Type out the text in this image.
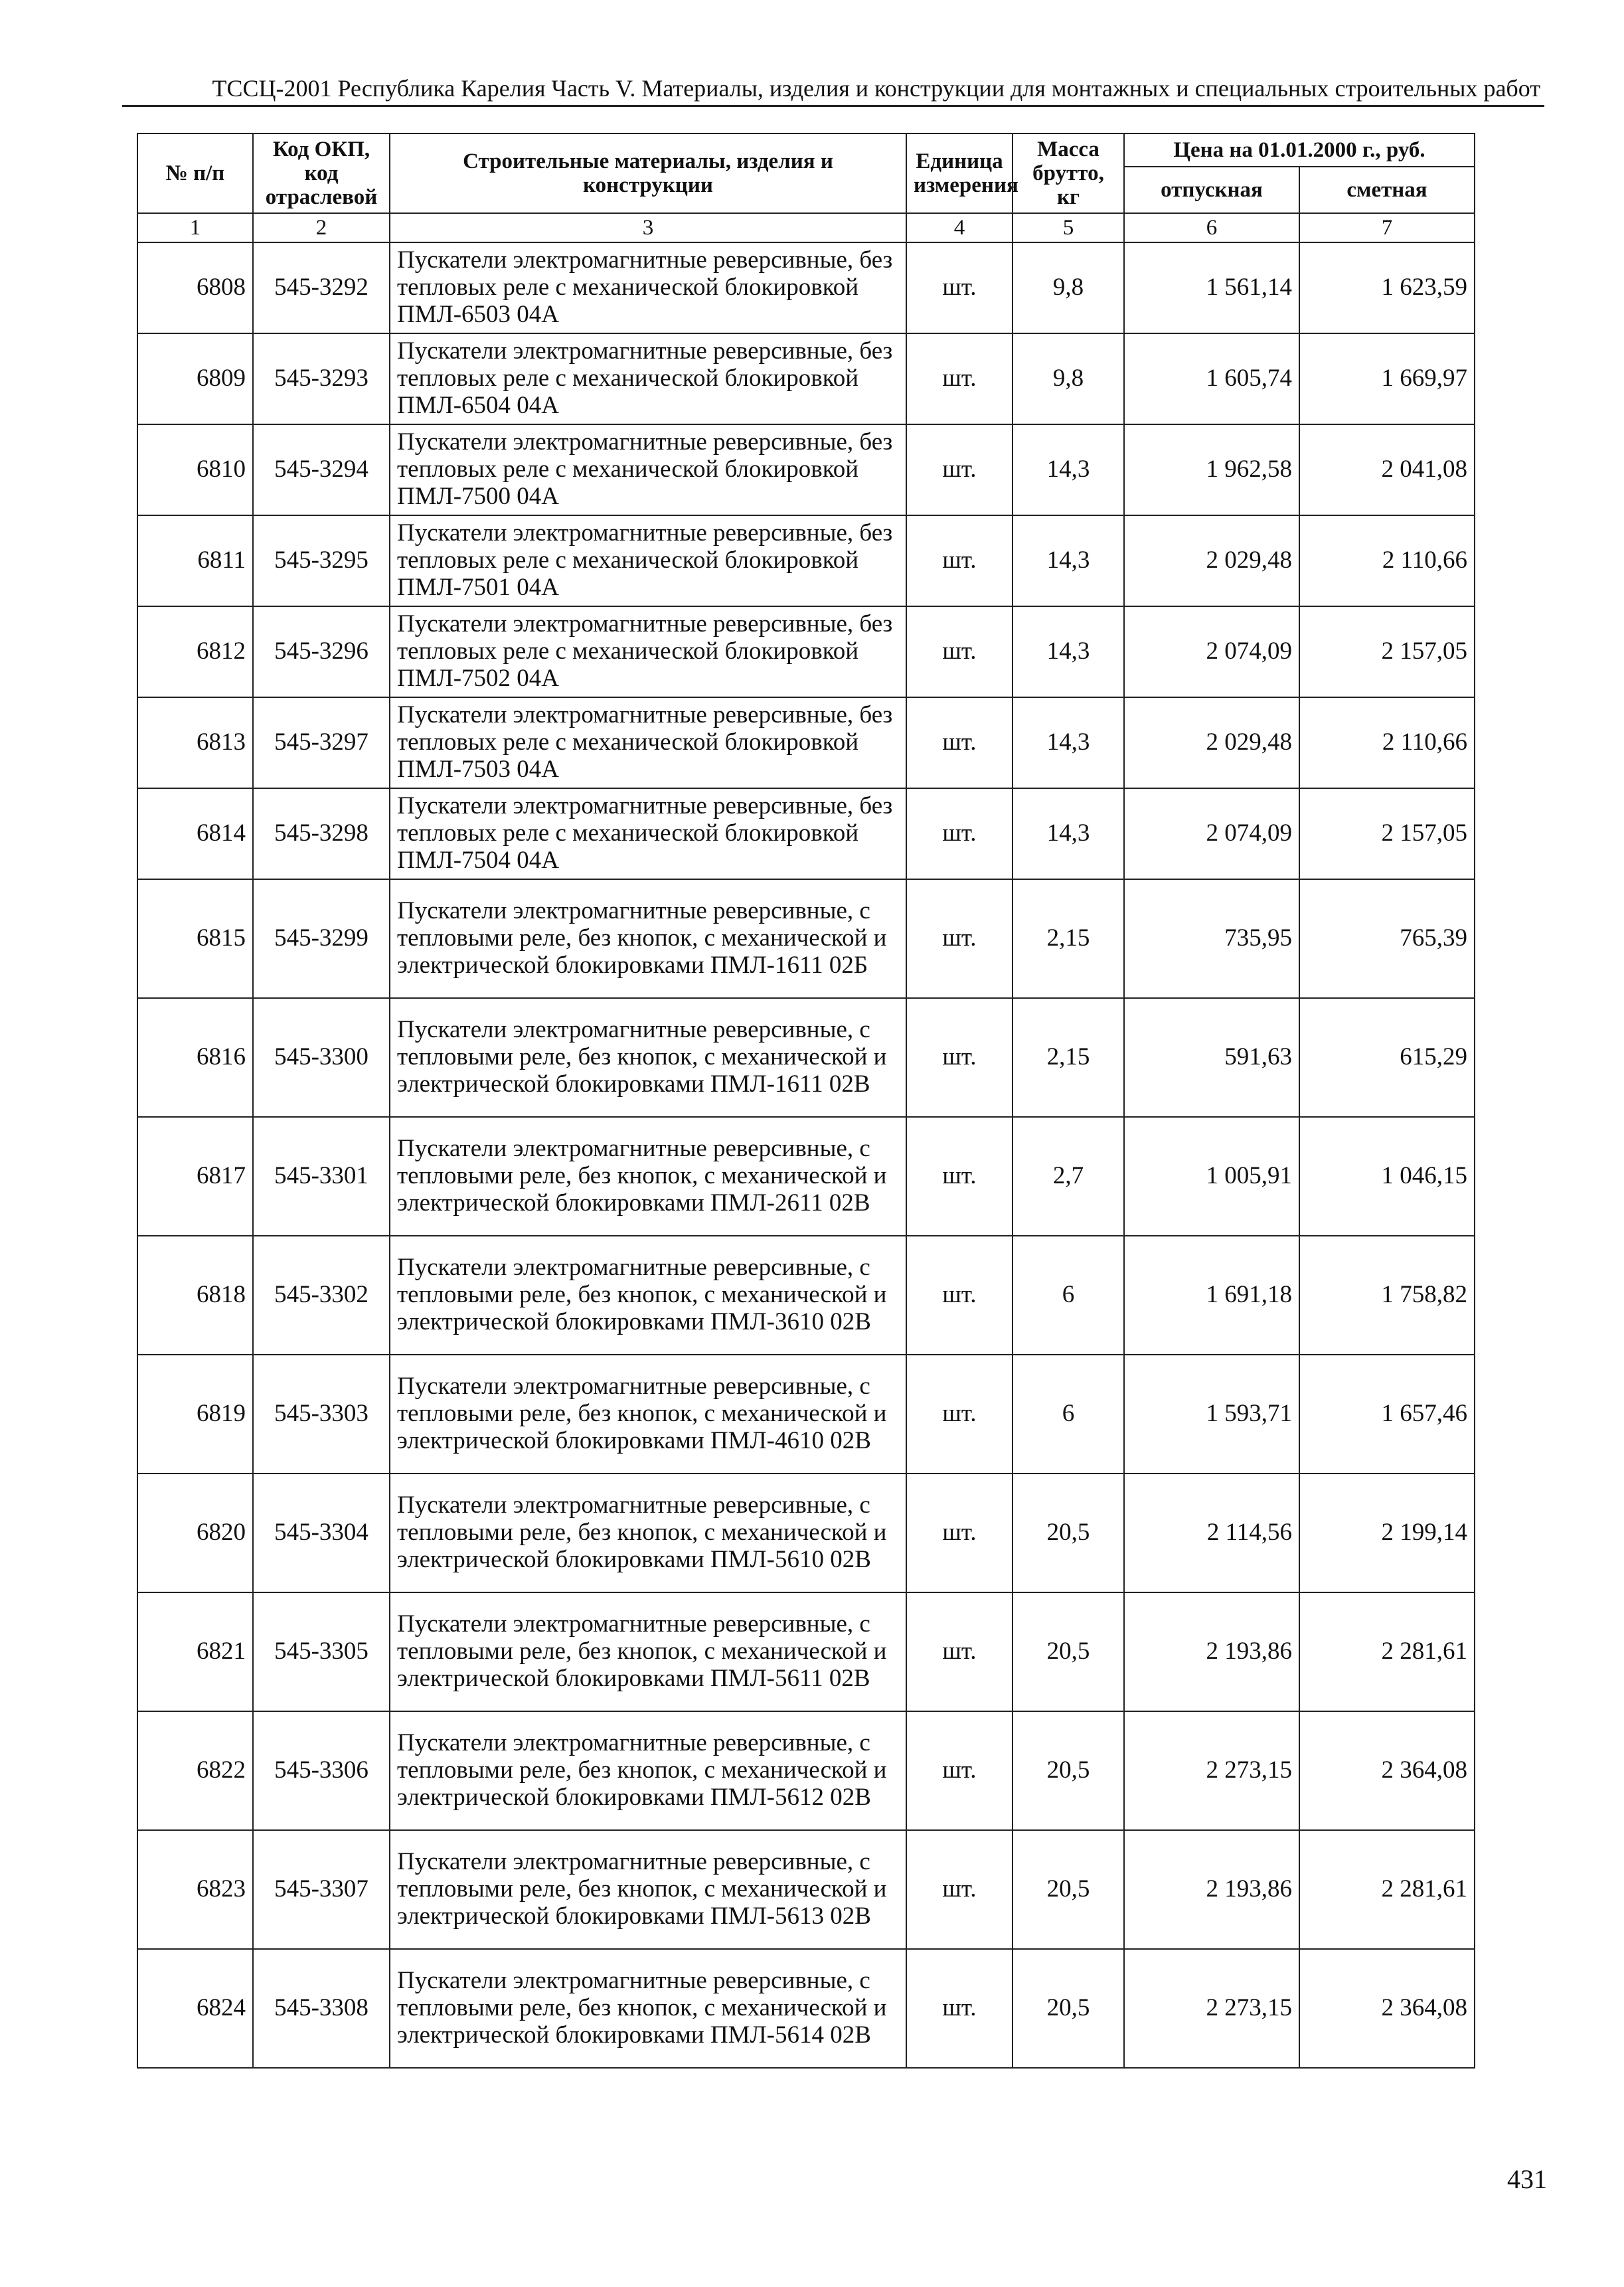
ТССЦ-2001 Республика Карелия Часть V. Материалы, изделия и конструкции для монтажных и специальных строительных работ
№ п/п	Код ОКП, код отраслевой	Строительные материалы, изделия и конструкции	Единица измерения	Масса брутто, кг	Цена на 01.01.2000 г., руб.	
					отпускная	сметная
1	2	3	4	5	6	7
6808	545-3292	Пускатели электромагнитные реверсивные, без тепловых реле с механической блокировкой ПМЛ-6503 04А	шт.	9,8	1 561,14	1 623,59
6809	545-3293	Пускатели электромагнитные реверсивные, без тепловых реле с механической блокировкой ПМЛ-6504 04А	шт.	9,8	1 605,74	1 669,97
6810	545-3294	Пускатели электромагнитные реверсивные, без тепловых реле с механической блокировкой ПМЛ-7500 04А	шт.	14,3	1 962,58	2 041,08
6811	545-3295	Пускатели электромагнитные реверсивные, без тепловых реле с механической блокировкой ПМЛ-7501 04А	шт.	14,3	2 029,48	2 110,66
6812	545-3296	Пускатели электромагнитные реверсивные, без тепловых реле с механической блокировкой ПМЛ-7502 04А	шт.	14,3	2 074,09	2 157,05
6813	545-3297	Пускатели электромагнитные реверсивные, без тепловых реле с механической блокировкой ПМЛ-7503 04А	шт.	14,3	2 029,48	2 110,66
6814	545-3298	Пускатели электромагнитные реверсивные, без тепловых реле с механической блокировкой ПМЛ-7504 04А	шт.	14,3	2 074,09	2 157,05
6815	545-3299	Пускатели электромагнитные реверсивные, с тепловыми реле, без кнопок, с механической и электрической блокировками ПМЛ-1611 02Б	шт.	2,15	735,95	765,39
6816	545-3300	Пускатели электромагнитные реверсивные, с тепловыми реле, без кнопок, с механической и электрической блокировками ПМЛ-1611 02В	шт.	2,15	591,63	615,29
6817	545-3301	Пускатели электромагнитные реверсивные, с тепловыми реле, без кнопок, с механической и электрической блокировками ПМЛ-2611 02В	шт.	2,7	1 005,91	1 046,15
6818	545-3302	Пускатели электромагнитные реверсивные, с тепловыми реле, без кнопок, с механической и электрической блокировками ПМЛ-3610 02В	шт.	6	1 691,18	1 758,82
6819	545-3303	Пускатели электромагнитные реверсивные, с тепловыми реле, без кнопок, с механической и электрической блокировками ПМЛ-4610 02В	шт.	6	1 593,71	1 657,46
6820	545-3304	Пускатели электромагнитные реверсивные, с тепловыми реле, без кнопок, с механической и электрической блокировками ПМЛ-5610 02В	шт.	20,5	2 114,56	2 199,14
6821	545-3305	Пускатели электромагнитные реверсивные, с тепловыми реле, без кнопок, с механической и электрической блокировками ПМЛ-5611 02В	шт.	20,5	2 193,86	2 281,61
6822	545-3306	Пускатели электромагнитные реверсивные, с тепловыми реле, без кнопок, с механической и электрической блокировками ПМЛ-5612 02В	шт.	20,5	2 273,15	2 364,08
6823	545-3307	Пускатели электромагнитные реверсивные, с тепловыми реле, без кнопок, с механической и электрической блокировками ПМЛ-5613 02В	шт.	20,5	2 193,86	2 281,61
6824	545-3308	Пускатели электромагнитные реверсивные, с тепловыми реле, без кнопок, с механической и электрической блокировками ПМЛ-5614 02В	шт.	20,5	2 273,15	2 364,08
431
